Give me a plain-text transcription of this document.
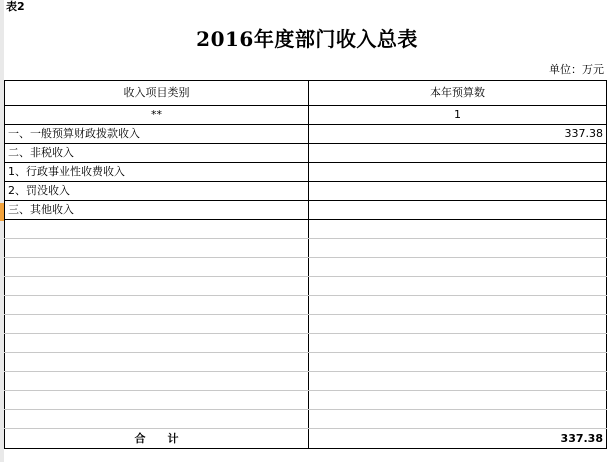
表2
2016年度部门收入总表
单位：万元
收入项目类别	本年预算数
**	1
一、一般预算财政拨款收入	337.38
二、非税收入	
1、行政事业性收费收入	
2、罚没收入	
三、其他收入	

合　　计	337.38
